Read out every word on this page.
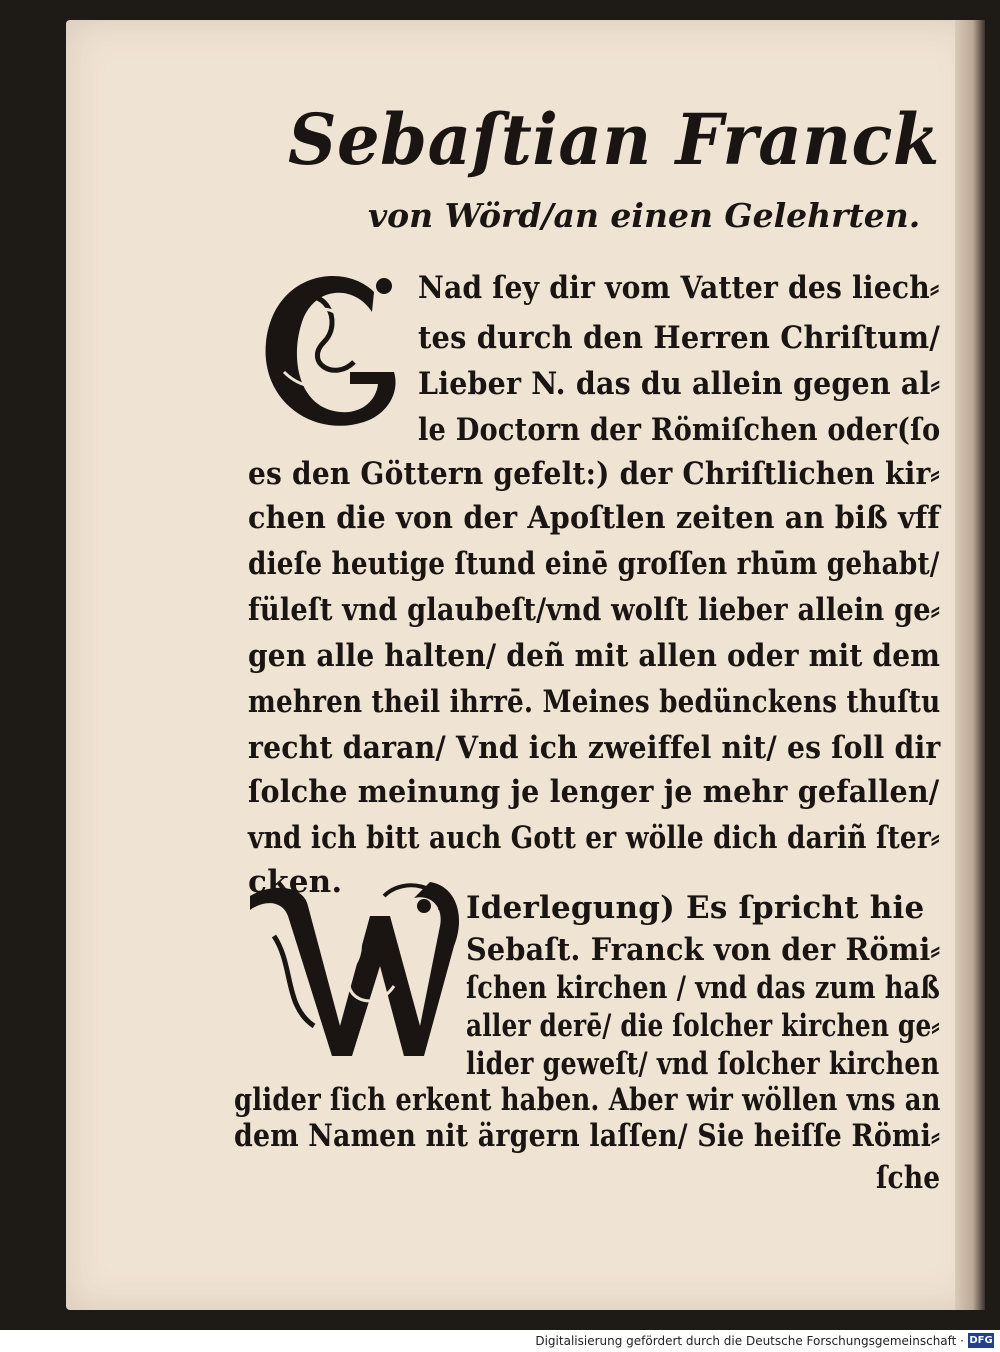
Sebaſtian Franck
von Wörd/an einen Gelehrten.
Nad ſey dir vom Vatter des liech⸗
tes durch den Herren Chriſtum/
Lieber N. das du allein gegen al⸗
le Doctorn der Römiſchen oder(ſo
es den Göttern gefelt:) der Chriſtlichen kir⸗
chen die von der Apoſtlen zeiten an biß vff
dieſe heutige ſtund einē groſſen rhūm gehabt/
füleſt vnd glaubeſt/vnd wolſt lieber allein ge⸗
gen alle halten/ deñ mit allen oder mit dem
mehren theil ihrrē. Meines bedünckens thuſtu
recht daran/ Vnd ich zweiffel nit/ es ſoll dir
ſolche meinung je lenger je mehr gefallen/
vnd ich bitt auch Gott er wölle dich dariñ ſter⸗
cken.
Iderlegung) Es ſpricht hie
Sebaſt. Franck von der Römi⸗
ſchen kirchen / vnd das zum haß
aller derē/ die ſolcher kirchen ge⸗
lider geweſt/ vnd ſolcher kirchen
glider ſich erkent haben. Aber wir wöllen vns an
dem Namen nit ärgern laſſen/ Sie heiſſe Römi⸗
ſche
Digitalisierung gefördert durch die Deutsche Forschungsgemeinschaft · DFG
